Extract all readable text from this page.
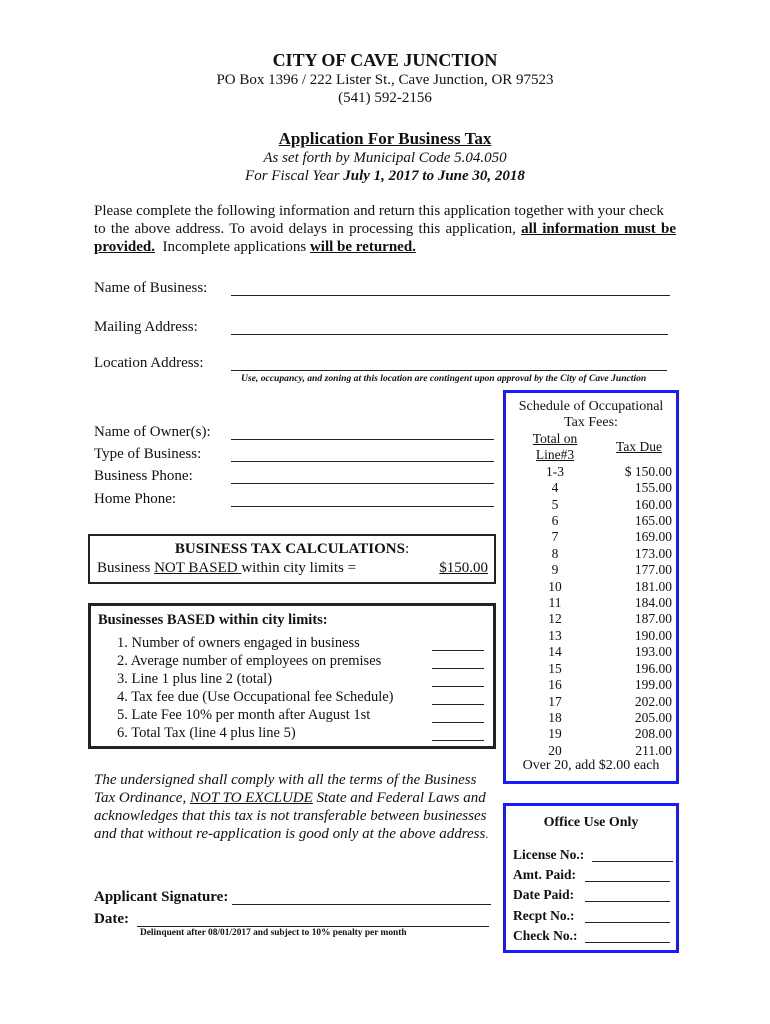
CITY OF CAVE JUNCTION
PO Box 1396 / 222 Lister St., Cave Junction, OR 97523
(541) 592-2156
Application For Business Tax
As set forth by Municipal Code 5.04.050
For Fiscal Year July 1, 2017 to June 30, 2018
Please complete the following information and return this application together with your check
to the above address. To avoid delays in processing this application, all information must be
provided.  Incomplete applications will be returned.
Name of Business:
Mailing Address:
Location Address:
Use, occupancy, and zoning at this location are contingent upon approval by the City of Cave Junction
Name of Owner(s):
Type of Business:
Business Phone:
Home Phone:
Schedule of Occupational
Tax Fees:
Total on Line#3	Tax Due
1-3	$ 150.00
4	155.00
5	160.00
6	165.00
7	169.00
8	173.00
9	177.00
10	181.00
11	184.00
12	187.00
13	190.00
14	193.00
15	196.00
16	199.00
17	202.00
18	205.00
19	208.00
20	211.00
Over 20, add $2.00 each
BUSINESS TAX CALCULATIONS:
Business NOT BASED within city limits =	$150.00
Businesses BASED within city limits:
1. Number of owners engaged in business
2. Average number of employees on premises
3. Line 1 plus line 2 (total)
4. Tax fee due (Use Occupational fee Schedule)
5. Late Fee 10% per month after August 1st
6. Total Tax (line 4 plus line 5)
The undersigned shall comply with all the terms of the Business
Tax Ordinance, NOT TO EXCLUDE State and Federal Laws and
acknowledges that this tax is not transferable between businesses
and that without re-application is good only at the above address.
Applicant Signature:
Date:
Delinquent after 08/01/2017 and subject to 10% penalty per month
Office Use Only
License No.:
Amt. Paid:
Date Paid:
Recpt No.:
Check No.:
